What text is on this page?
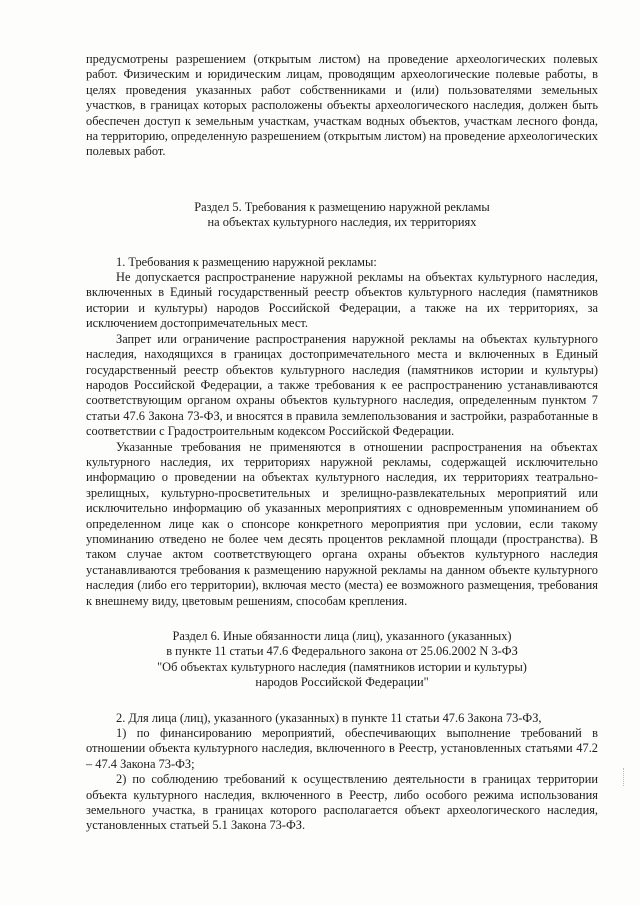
предусмотрены разрешением (открытым листом) на проведение археологических полевых работ. Физическим и юридическим лицам, проводящим археологические полевые работы, в целях проведения указанных работ собственниками и (или) пользователями земельных участков, в границах которых расположены объекты археологического наследия, должен быть обеспечен доступ к земельным участкам, участкам водных объектов, участкам лесного фонда, на территорию, определенную разрешением (открытым листом) на проведение археологических полевых работ.

Раздел 5. Требования к размещению наружной рекламы

на объектах культурного наследия, их территориях

1. Требования к размещению наружной рекламы:

Не допускается распространение наружной рекламы на объектах культурного наследия, включенных в Единый государственный реестр объектов культурного наследия (памятников истории и культуры) народов Российской Федерации, а также на их территориях, за исключением достопримечательных мест.

Запрет или ограничение распространения наружной рекламы на объектах культурного наследия, находящихся в границах достопримечательного места и включенных в Единый государственный реестр объектов культурного наследия (памятников истории и культуры) народов Российской Федерации, а также требования к ее распространению устанавливаются соответствующим органом охраны объектов культурного наследия, определенным пунктом 7 статьи 47.6 Закона 73-ФЗ, и вносятся в правила землепользования и застройки, разработанные в соответствии с Градостроительным кодексом Российской Федерации.

Указанные требования не применяются в отношении распространения на объектах культурного наследия, их территориях наружной рекламы, содержащей исключительно информацию о проведении на объектах культурного наследия, их территориях театрально-зрелищных, культурно-просветительных и зрелищно-развлекательных мероприятий или исключительно информацию об указанных мероприятиях с одновременным упоминанием об определенном лице как о спонсоре конкретного мероприятия при условии, если такому упоминанию отведено не более чем десять процентов рекламной площади (пространства). В таком случае актом соответствующего органа охраны объектов культурного наследия устанавливаются требования к размещению наружной рекламы на данном объекте культурного наследия (либо его территории), включая место (места) ее возможного размещения, требования к внешнему виду, цветовым решениям, способам крепления.

Раздел 6. Иные обязанности лица (лиц), указанного (указанных)

в пункте 11 статьи 47.6 Федерального закона от 25.06.2002 N 3-ФЗ

"Об объектах культурного наследия (памятников истории и культуры)

народов Российской Федерации"

2. Для лица (лиц), указанного (указанных) в пункте 11 статьи 47.6 Закона 73-ФЗ,

1) по финансированию мероприятий, обеспечивающих выполнение требований в отношении объекта культурного наследия, включенного в Реестр, установленных статьями 47.2 – 47.4 Закона 73-ФЗ;

2) по соблюдению требований к осуществлению деятельности в границах территории объекта культурного наследия, включенного в Реестр, либо особого режима использования земельного участка, в границах которого располагается объект археологического наследия, установленных статьей 5.1 Закона 73-ФЗ.
